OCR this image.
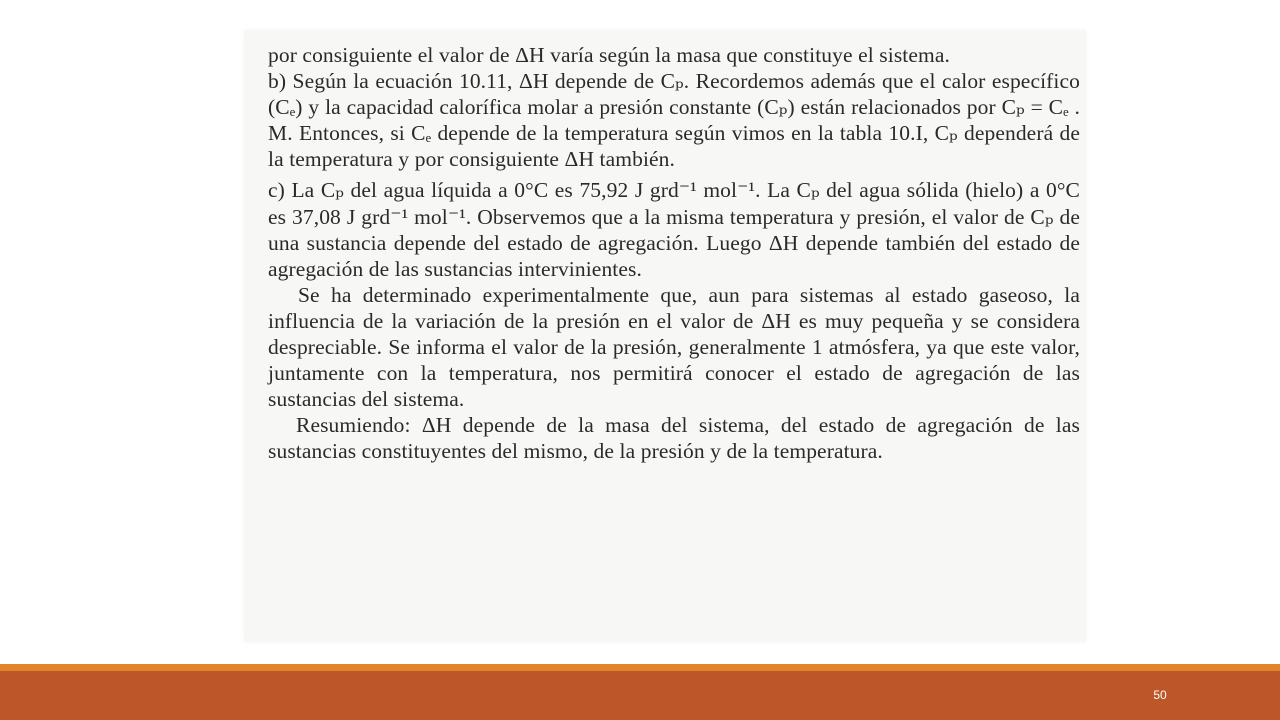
por consiguiente el valor de ΔH varía según la masa que constituye el sistema.

b) Según la ecuación 10.11, ΔH depende de Cₚ. Recordemos además que el calor específico (Cₑ) y la capacidad calorífica molar a presión constante (Cₚ) están relacionados por Cₚ = Cₑ . M. Entonces, si Cₑ depende de la temperatura según vimos en la tabla 10.I, Cₚ dependerá de la temperatura y por consiguiente ΔH también.

c) La Cₚ del agua líquida a 0°C es 75,92 J grd⁻¹ mol⁻¹. La Cₚ del agua sólida (hielo) a 0°C es 37,08 J grd⁻¹ mol⁻¹. Observemos que a la misma temperatura y presión, el valor de Cₚ de una sustancia depende del estado de agregación. Luego ΔH depende también del estado de agregación de las sustancias intervinientes.

Se ha determinado experimentalmente que, aun para sistemas al estado gaseoso, la influencia de la variación de la presión en el valor de ΔH es muy pequeña y se considera despreciable. Se informa el valor de la presión, generalmente 1 atmósfera, ya que este valor, juntamente con la temperatura, nos permitirá conocer el estado de agregación de las sustancias del sistema.

Resumiendo: ΔH depende de la masa del sistema, del estado de agregación de las sustancias constituyentes del mismo, de la presión y de la temperatura.

50
